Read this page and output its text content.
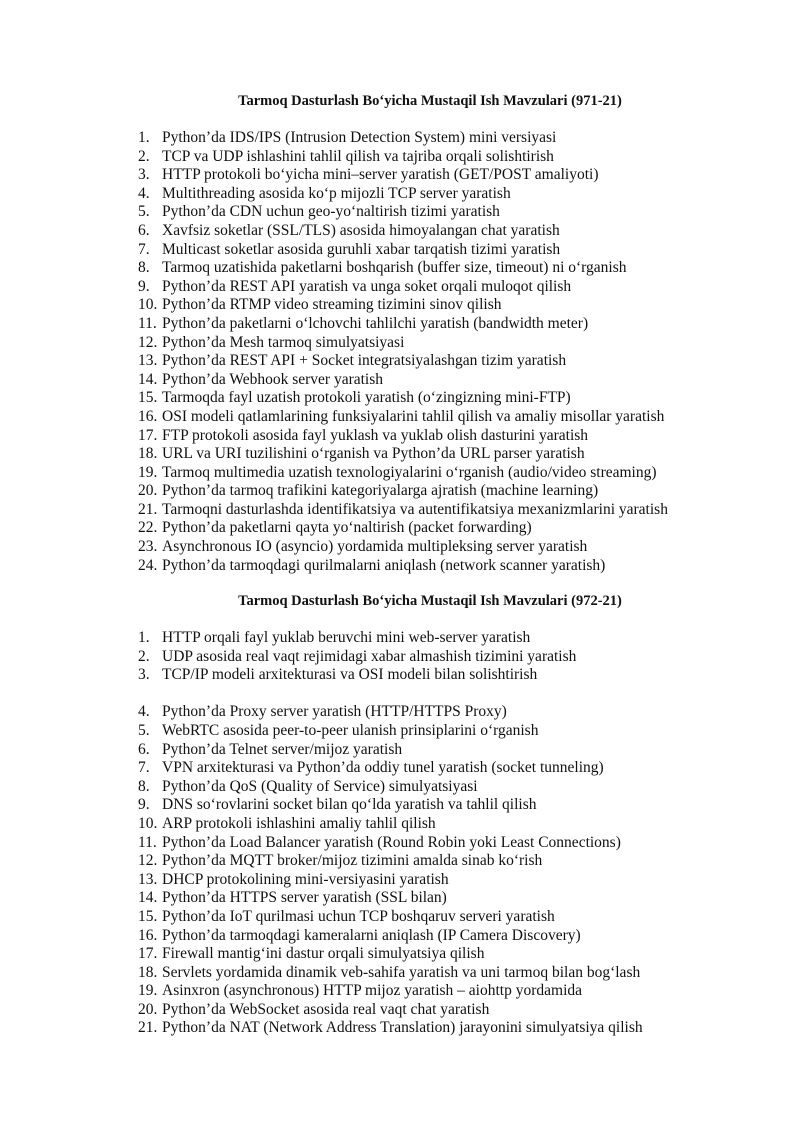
Tarmoq Dasturlash Bo‘yicha Mustaqil Ish Mavzulari (971-21)
1. Python’da IDS/IPS (Intrusion Detection System) mini versiyasi
2. TCP va UDP ishlashini tahlil qilish va tajriba orqali solishtirish
3. HTTP protokoli bo‘yicha mini–server yaratish (GET/POST amaliyoti)
4. Multithreading asosida ko‘p mijozli TCP server yaratish
5. Python’da CDN uchun geo-yo‘naltirish tizimi yaratish
6. Xavfsiz soketlar (SSL/TLS) asosida himoyalangan chat yaratish
7. Multicast soketlar asosida guruhli xabar tarqatish tizimi yaratish
8. Tarmoq uzatishida paketlarni boshqarish (buffer size, timeout) ni o‘rganish
9. Python’da REST API yaratish va unga soket orqali muloqot qilish
10. Python’da RTMP video streaming tizimini sinov qilish
11. Python’da paketlarni o‘lchovchi tahlilchi yaratish (bandwidth meter)
12. Python’da Mesh tarmoq simulyatsiyasi
13. Python’da REST API + Socket integratsiyalashgan tizim yaratish
14. Python’da Webhook server yaratish
15. Tarmoqda fayl uzatish protokoli yaratish (o‘zingizning mini-FTP)
16. OSI modeli qatlamlarining funksiyalarini tahlil qilish va amaliy misollar yaratish
17. FTP protokoli asosida fayl yuklash va yuklab olish dasturini yaratish
18. URL va URI tuzilishini o‘rganish va Python’da URL parser yaratish
19. Tarmoq multimedia uzatish texnologiyalarini o‘rganish (audio/video streaming)
20. Python’da tarmoq trafikini kategoriyalarga ajratish (machine learning)
21. Tarmoqni dasturlashda identifikatsiya va autentifikatsiya mexanizmlarini yaratish
22. Python’da paketlarni qayta yo‘naltirish (packet forwarding)
23. Asynchronous IO (asyncio) yordamida multipleksing server yaratish
24. Python’da tarmoqdagi qurilmalarni aniqlash (network scanner yaratish)
Tarmoq Dasturlash Bo‘yicha Mustaqil Ish Mavzulari (972-21)
1. HTTP orqali fayl yuklab beruvchi mini web-server yaratish
2. UDP asosida real vaqt rejimidagi xabar almashish tizimini yaratish
3. TCP/IP modeli arxitekturasi va OSI modeli bilan solishtirish
4. Python’da Proxy server yaratish (HTTP/HTTPS Proxy)
5. WebRTC asosida peer-to-peer ulanish prinsiplarini o‘rganish
6. Python’da Telnet server/mijoz yaratish
7. VPN arxitekturasi va Python’da oddiy tunel yaratish (socket tunneling)
8. Python’da QoS (Quality of Service) simulyatsiyasi
9. DNS so‘rovlarini socket bilan qo‘lda yaratish va tahlil qilish
10. ARP protokoli ishlashini amaliy tahlil qilish
11. Python’da Load Balancer yaratish (Round Robin yoki Least Connections)
12. Python’da MQTT broker/mijoz tizimini amalda sinab ko‘rish
13. DHCP protokolining mini-versiyasini yaratish
14. Python’da HTTPS server yaratish (SSL bilan)
15. Python’da IoT qurilmasi uchun TCP boshqaruv serveri yaratish
16. Python’da tarmoqdagi kameralarni aniqlash (IP Camera Discovery)
17. Firewall mantig‘ini dastur orqali simulyatsiya qilish
18. Servlets yordamida dinamik veb-sahifa yaratish va uni tarmoq bilan bog‘lash
19. Asinxron (asynchronous) HTTP mijoz yaratish – aiohttp yordamida
20. Python’da WebSocket asosida real vaqt chat yaratish
21. Python’da NAT (Network Address Translation) jarayonini simulyatsiya qilish
